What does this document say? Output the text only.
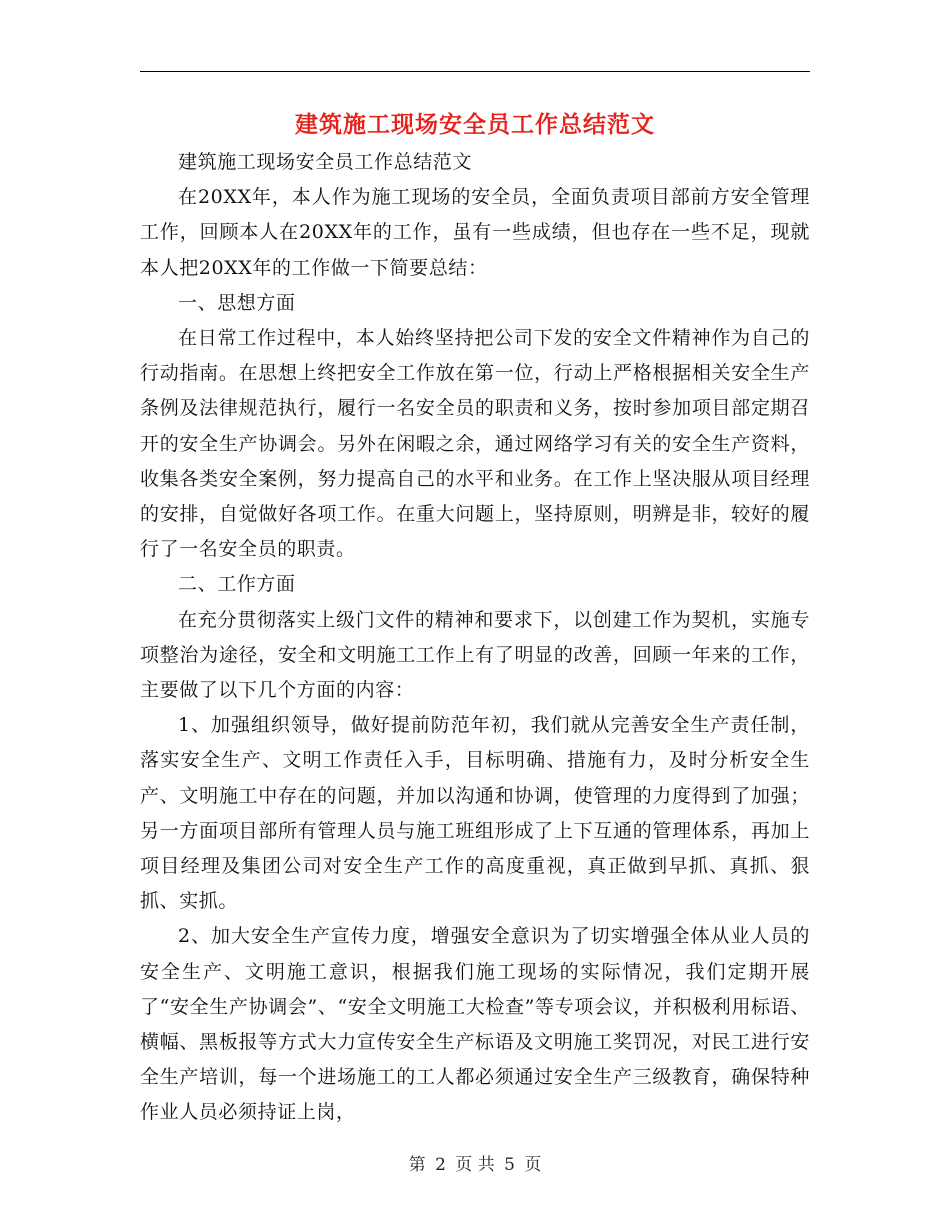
建筑施工现场安全员工作总结范文

建筑施工现场安全员工作总结范文

在20XX年，本人作为施工现场的安全员，全面负责项目部前方安全管理工作，回顾本人在20XX年的工作，虽有一些成绩，但也存在一些不足，现就本人把20XX年的工作做一下简要总结：

一、思想方面

在日常工作过程中，本人始终坚持把公司下发的安全文件精神作为自己的行动指南。在思想上终把安全工作放在第一位，行动上严格根据相关安全生产条例及法律规范执行，履行一名安全员的职责和义务，按时参加项目部定期召开的安全生产协调会。另外在闲暇之余，通过网络学习有关的安全生产资料，收集各类安全案例，努力提高自己的水平和业务。在工作上坚决服从项目经理的安排，自觉做好各项工作。在重大问题上，坚持原则，明辨是非，较好的履行了一名安全员的职责。

二、工作方面

在充分贯彻落实上级门文件的精神和要求下，以创建工作为契机，实施专项整治为途径，安全和文明施工工作上有了明显的改善，回顾一年来的工作，主要做了以下几个方面的内容：

1、加强组织领导，做好提前防范年初，我们就从完善安全生产责任制，落实安全生产、文明工作责任入手，目标明确、措施有力，及时分析安全生产、文明施工中存在的问题，并加以沟通和协调，使管理的力度得到了加强；另一方面项目部所有管理人员与施工班组形成了上下互通的管理体系，再加上项目经理及集团公司对安全生产工作的高度重视，真正做到早抓、真抓、狠抓、实抓。

2、加大安全生产宣传力度，增强安全意识为了切实增强全体从业人员的安全生产、文明施工意识，根据我们施工现场的实际情况，我们定期开展了“安全生产协调会”、“安全文明施工大检查”等专项会议，并积极利用标语、横幅、黑板报等方式大力宣传安全生产标语及文明施工奖罚况，对民工进行安全生产培训，每一个进场施工的工人都必须通过安全生产三级教育，确保特种作业人员必须持证上岗，

第 2 页 共 5 页
